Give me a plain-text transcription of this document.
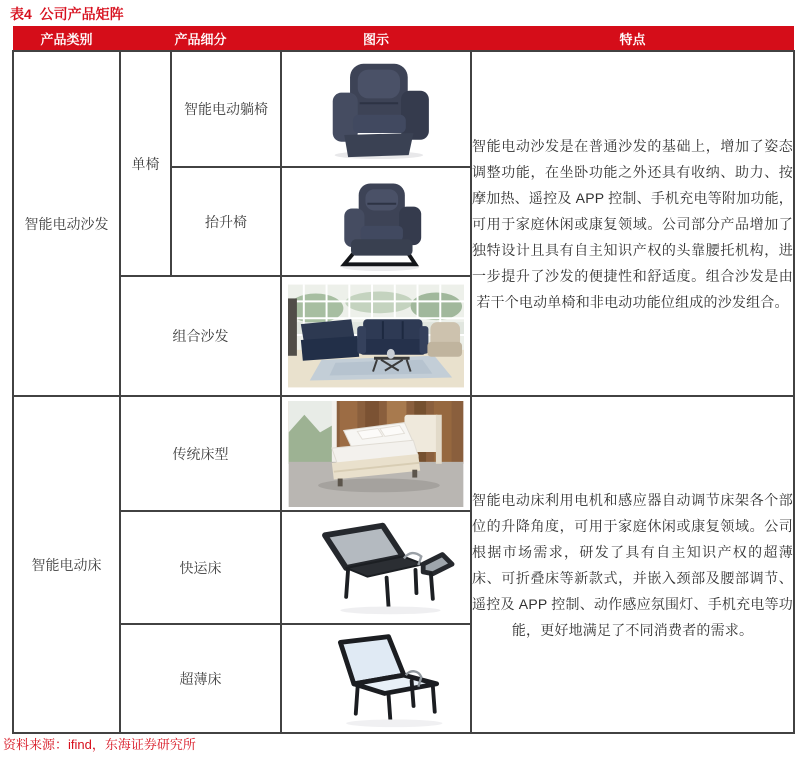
表4  公司产品矩阵
产品类别	产品细分		图示	特点
智能电动沙发	单椅	智能电动躺椅		智能电动沙发是在普通沙发的基础上，增加了姿态调整功能，在坐卧功能之外还具有收纳、助力、按摩加热、遥控及 APP 控制、手机充电等附加功能，可用于家庭休闲或康复领域。公司部分产品增加了独特设计且具有自主知识产权的头靠腰托机构，进一步提升了沙发的便捷性和舒适度。组合沙发是由若干个电动单椅和非电动功能位组成的沙发组合。
		抬升椅	

	组合沙发	

智能电动床	传统床型			智能电动床利用电机和感应器自动调节床架各个部位的升降角度，可用于家庭休闲或康复领域。公司根据市场需求，研发了具有自主知识产权的超薄床、可折叠床等新款式，并嵌入颈部及腰部调节、遥控及 APP 控制、动作感应氛围灯、手机充电等功能，更好地满足了不同消费者的需求。
	快运床	

	超薄床	
资料来源：ifind，东海证券研究所
